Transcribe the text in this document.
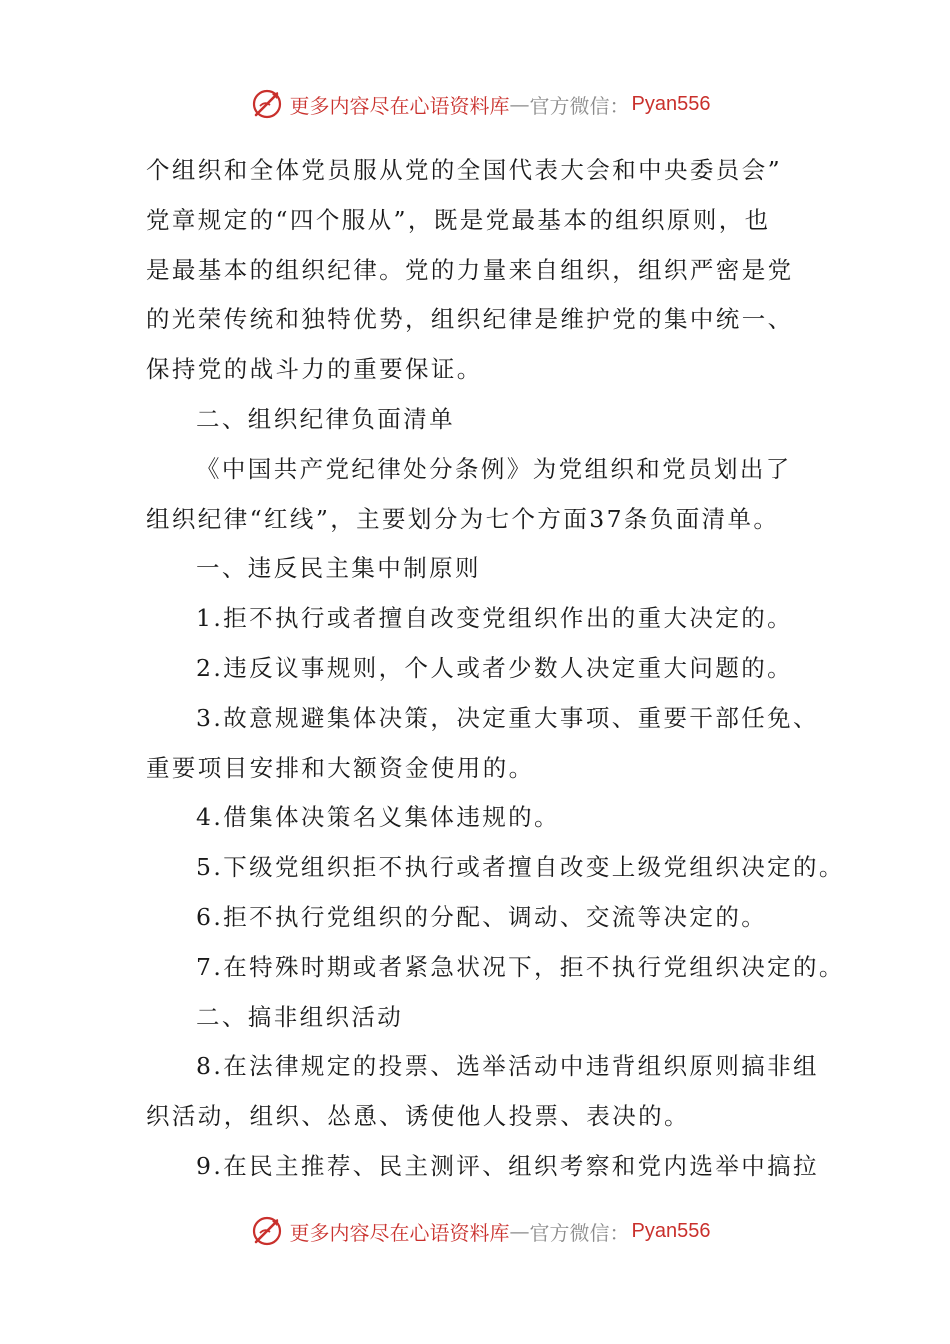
更多内容尽在心语资料库 — 官方微信： Pyan556
个组织和全体党员服从党的全国代表大会和中央委员会”
党章规定的“四个服从”，既是党最基本的组织原则，也
是最基本的组织纪律。党的力量来自组织，组织严密是党
的光荣传统和独特优势，组织纪律是维护党的集中统一、
保持党的战斗力的重要保证。
二、组织纪律负面清单
《中国共产党纪律处分条例》为党组织和党员划出了
组织纪律“红线”，主要划分为七个方面37条负面清单。
一、违反民主集中制原则
1.拒不执行或者擅自改变党组织作出的重大决定的。
2.违反议事规则，个人或者少数人决定重大问题的。
3.故意规避集体决策，决定重大事项、重要干部任免、
重要项目安排和大额资金使用的。
4.借集体决策名义集体违规的。
5.下级党组织拒不执行或者擅自改变上级党组织决定的。
6.拒不执行党组织的分配、调动、交流等决定的。
7.在特殊时期或者紧急状况下，拒不执行党组织决定的。
二、搞非组织活动
8.在法律规定的投票、选举活动中违背组织原则搞非组
织活动，组织、怂恿、诱使他人投票、表决的。
9.在民主推荐、民主测评、组织考察和党内选举中搞拉
更多内容尽在心语资料库 — 官方微信： Pyan556
